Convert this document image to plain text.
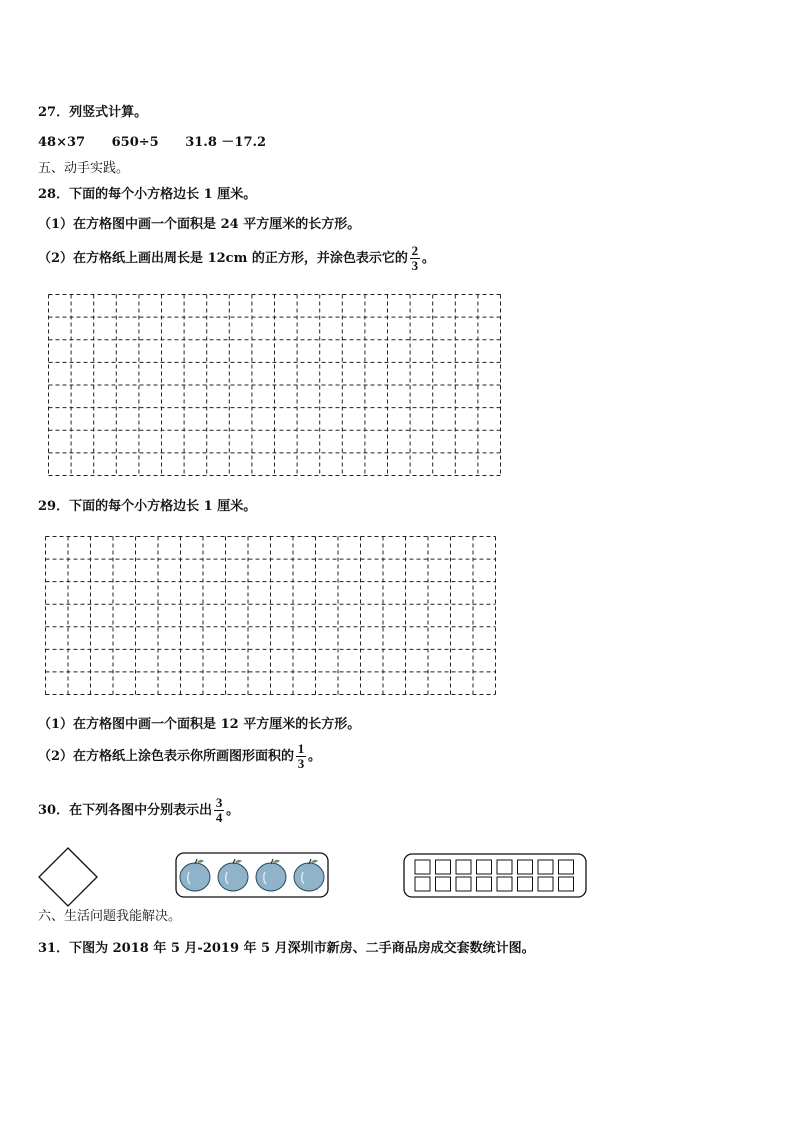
27．列竖式计算。
48×37 650÷5 31.8 －17.2
五、动手实践。
28．下面的每个小方格边长 1 厘米。
（1）在方格图中画一个面积是 24 平方厘米的长方形。
（2）在方格纸上画出周长是 12cm 的正方形，并涂色表示它的 $\frac{2}{3}$ 。
29．下面的每个小方格边长 1 厘米。
（1）在方格图中画一个面积是 12 平方厘米的长方形。
（2）在方格纸上涂色表示你所画图形面积的 $\frac{1}{3}$ 。
30．在下列各图中分别表示出 $\frac{3}{4}$ 。
六、生活问题我能解决。
31．下图为 2018 年 5 月-2019 年 5 月深圳市新房、二手商品房成交套数统计图。
